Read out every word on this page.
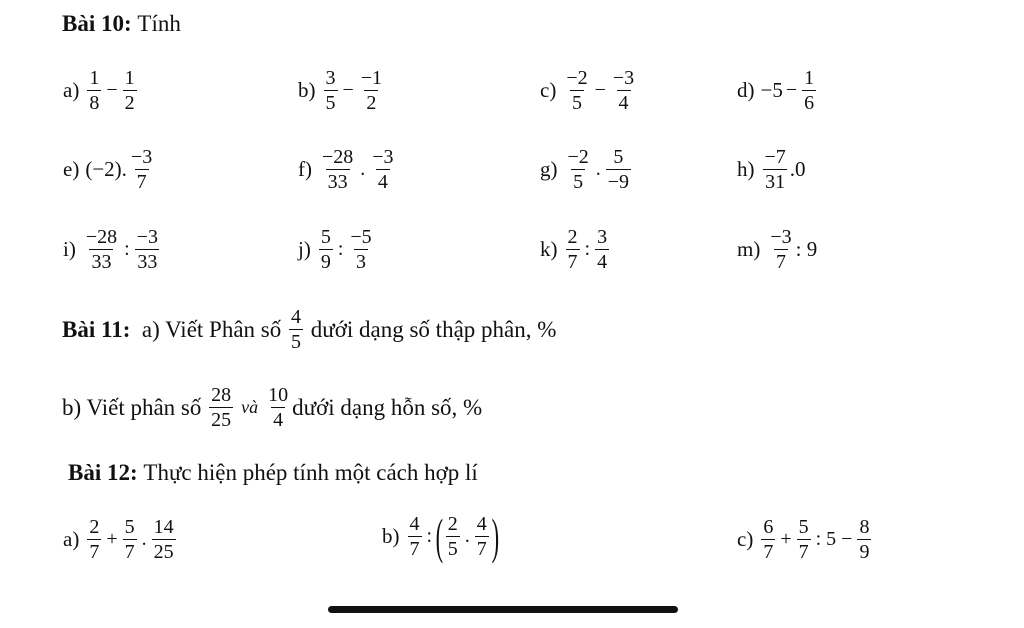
Bài 10:
Tính
$a) \frac{1}{8} - \frac{1}{2}$	$b) \frac{3}{5} - \frac{-1}{2}$	$c) \frac{-2}{5} - \frac{-3}{4}$	$d) -5 - \frac{1}{6}$
e) (−2). $\frac{-3}{7}$	$f) \frac{-28}{33}$ . $\frac{-3}{4}$	$g) \frac{-2}{5}$ . $\frac{5}{-9}$	$h) \frac{-7}{31} .0$
$i) \frac{-28}{33}$ : $\frac{-3}{33}$	$j) \frac{5}{9}$ : $\frac{-5}{3}$	$k) \frac{2}{7}$ : $\frac{3}{4}$	$m) \frac{-3}{7}$ : 9
Bài 11:
a) Viết Phân số
$\frac{4}{5}$
dưới dạng số thập phân, %
b) Viết phân số
$\frac{28}{25}$ và $\frac{10}{4}$ dưới dạng hỗn số, %
Bài 12:
Thực hiện phép tính một cách hợp lí
$a) \frac{2}{7} + \frac{5}{7}$ . $\frac{14}{25}$	$b) \frac{4}{7}$ : ( $\frac{2}{5}$ . $\frac{4}{7}$ )	$c) \frac{6}{7} + \frac{5}{7}$ : $5 - \frac{8}{9}$
